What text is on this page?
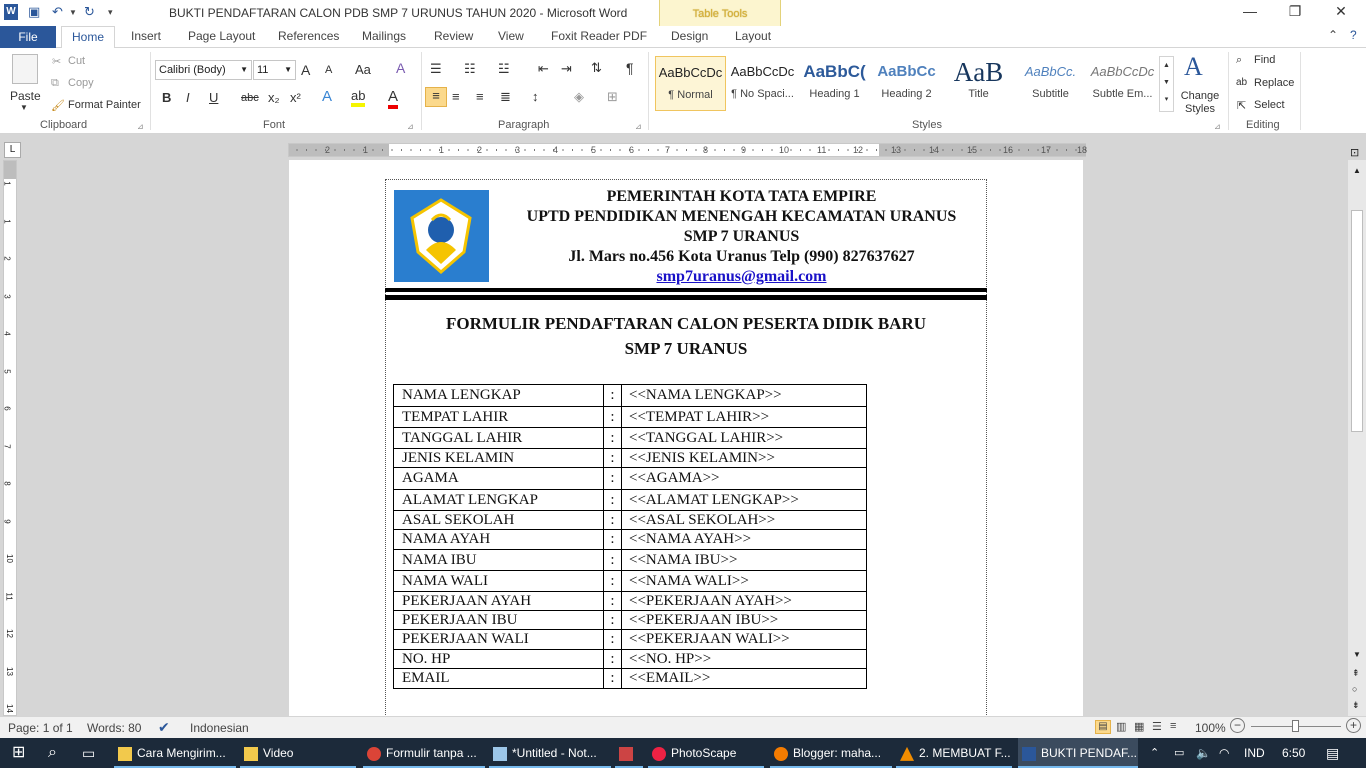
W ▣ ↶ ▼ ↻ ▾	BUKTI PENDAFTARAN CALON PDB SMP 7 URUNUS TAHUN 2020 - Microsoft Word	Table Tools	—	❐	✕
Insert Page Layout References Mailings Review View Foxit Reader PDF Design Layout	⌃ ?
File	Home
Paste
▼
✂ Cut
⧉ Copy
🖌 Format Painter
Clipboard	⊿
Calibri (Body) ▼ 11 ▼ A A Aa A
B I U abc x₂ x² A ab A
Font	⊿
☰ ☷ ☳ ⇤ ⇥ ⇅ ¶
≡ ≡ ≡ ≣ ↕	◈ ⊞
Paragraph	⊿
AaBbCcDc
¶ Normal
AaBbCcDc
¶ No Spaci...
AaBbC(
Heading 1
AaBbCc
Heading 2
AaB
Title
AaBbCc.
Subtitle
AaBbCcDc
Subtle Em...
▲
▼
▾
A
Change Styles
Styles	⊿
⌕ Find
ab Replace
⇱ Select
Editing
L	2	1	1	2	3	4	5	6	7	8	9	10	11	12	13	14	15	16	17	18
1
1
2
3
4
5
6
7
8
9
10
11
12
13
14
PEMERINTAH KOTA TATA EMPIRE
UPTD PENDIDIKAN MENENGAH KECAMATAN URANUS
SMP 7 URANUS
Jl. Mars no.456 Kota Uranus Telp (990) 827637627
smp7uranus@gmail.com
FORMULIR PENDAFTARAN CALON PESERTA DIDIK BARU
SMP 7 URANUS
NAMA LENGKAP	:	<<NAMA LENGKAP>>
TEMPAT LAHIR	:	<<TEMPAT LAHIR>>
TANGGAL LAHIR	:	<<TANGGAL LAHIR>>
JENIS KELAMIN	:	<<JENIS KELAMIN>>
AGAMA	:	<<AGAMA>>
ALAMAT LENGKAP	:	<<ALAMAT LENGKAP>>
ASAL SEKOLAH	:	<<ASAL SEKOLAH>>
NAMA AYAH	:	<<NAMA AYAH>>
NAMA IBU	:	<<NAMA IBU>>
NAMA WALI	:	<<NAMA WALI>>
PEKERJAAN AYAH	:	<<PEKERJAAN AYAH>>
PEKERJAAN IBU	:	<<PEKERJAAN IBU>>
PEKERJAAN WALI	:	<<PEKERJAAN WALI>>
NO. HP	:	<<NO. HP>>
EMAIL	:	<<EMAIL>>
⊡
▲
▼
⇞
○
⇟
Page: 1 of 1 Words: 80 ✔ Indonesian	▤ ▥ ▦ ☰ ≡ 100% −	+
⊞ ⌕ ▭	Cara Mengirim...	Video	Formulir tanpa ...	*Untitled - Not...	PhotoScape	Blogger: maha...	2. MEMBUAT F...	BUKTI PENDAF...	⌃	▭ 🔈 ◠	IND	6:50 ▤
